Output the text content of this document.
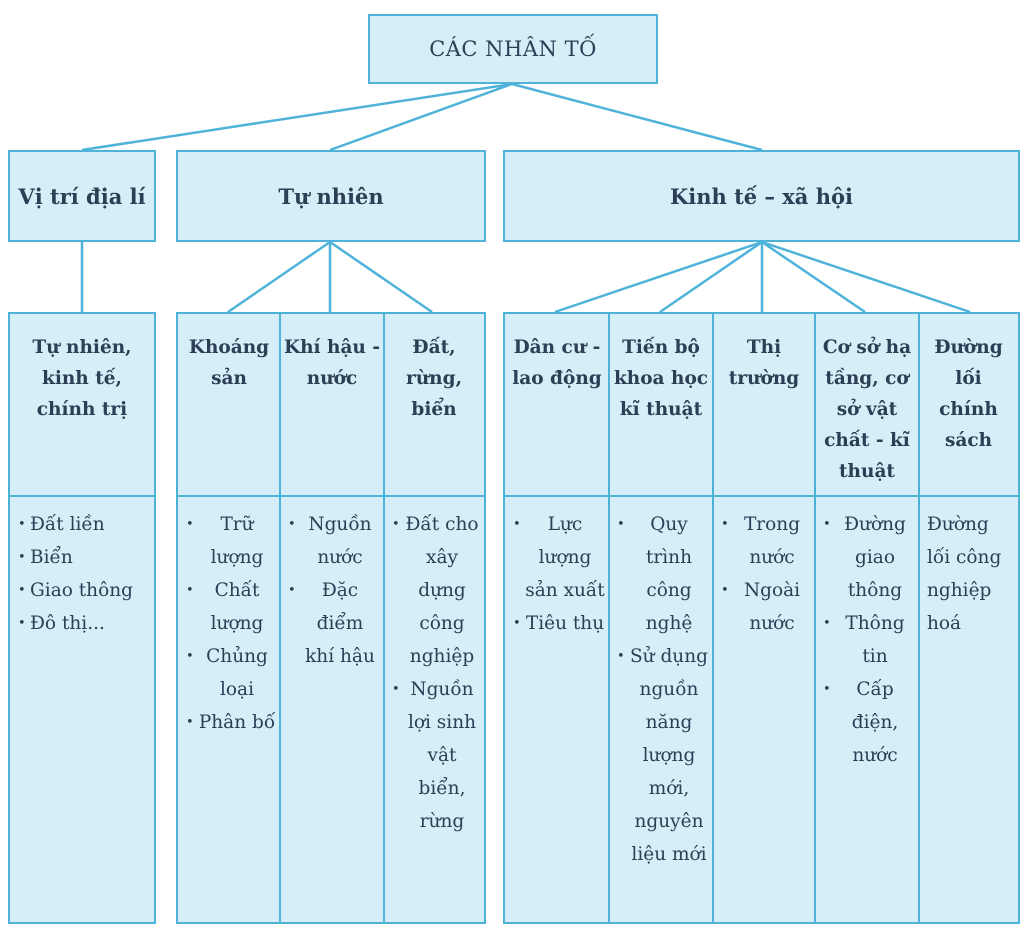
CÁC NHÂN TỐ
Vị trí địa lí	Tự nhiên	Kinh tế – xã hội
Tự nhiên, kinh tế, chính trị
• Đất liền
• Biển
• Giao thông
• Đô thị...
Khoáng sản
• Trữ lượng
• Chất lượng
• Chủng loại
• Phân bố
Khí hậu - nước
• Nguồn nước
• Đặc điểm khí hậu
Đất, rừng, biển
• Đất cho xây dựng công nghiệp
• Nguồn lợi sinh vật biển, rừng
Dân cư - lao động
• Lực lượng sản xuất
• Tiêu thụ
Tiến bộ khoa học kĩ thuật
• Quy trình công nghệ
• Sử dụng nguồn năng lượng mới, nguyên liệu mới
Thị trường
• Trong nước
• Ngoài nước
Cơ sở hạ tầng, cơ sở vật chất - kĩ thuật
• Đường giao thông
• Thông tin
• Cấp điện, nước
Đường lối chính sách
Đường lối công nghiệp hoá
